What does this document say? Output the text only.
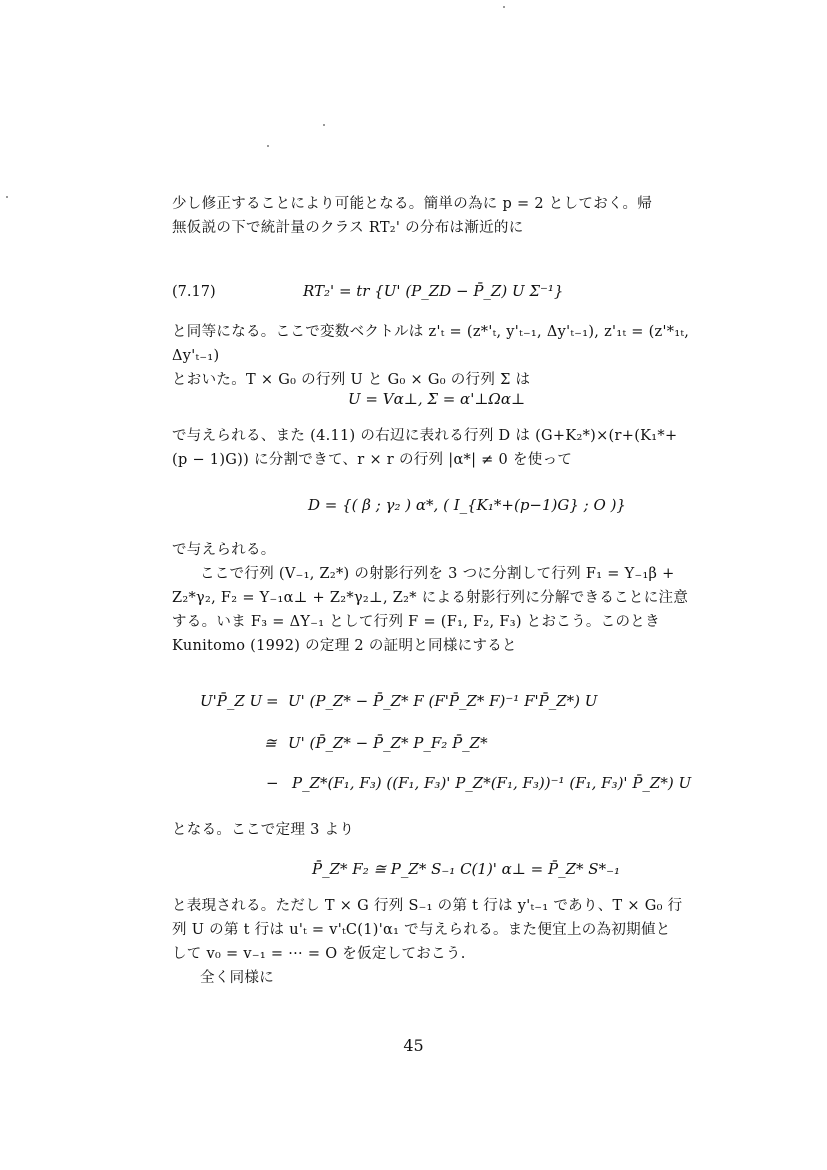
少し修正することにより可能となる。簡単の為に p = 2 としておく。帰
無仮説の下で統計量のクラス RT₂' の分布は漸近的に
(7.17)	RT₂' = tr {U' (P_ZD − P̄_Z) U Σ⁻¹}
と同等になる。ここで変数ベクトルは z'ₜ = (z*'ₜ, y'ₜ₋₁, Δy'ₜ₋₁), z'₁ₜ = (z'*₁ₜ, Δy'ₜ₋₁)
とおいた。T × G₀ の行列 U と G₀ × G₀ の行列 Σ は
U = Vα⊥, Σ = α'⊥Ωα⊥
で与えられる、また (4.11) の右辺に表れる行列 D は (G+K₂*)×(r+(K₁*+
(p − 1)G)) に分割できて、r × r の行列 |α*| ≠ 0 を使って
D = {( β ; γ₂ ) α*, ( I_{K₁*+(p−1)G} ; O )}
で与えられる。
ここで行列 (V₋₁, Z₂*) の射影行列を 3 つに分割して行列 F₁ = Y₋₁β +
Z₂*γ₂, F₂ = Y₋₁α⊥ + Z₂*γ₂⊥, Z₂* による射影行列に分解できることに注意
する。いま F₃ = ΔY₋₁ として行列 F = (F₁, F₂, F₃) とおこう。このとき
Kunitomo (1992) の定理 2 の証明と同様にすると
U'P̄_Z U = U' (P_Z* − P̄_Z* F (F'P̄_Z* F)⁻¹ F'P̄_Z*) U
≅ U' (P̄_Z* − P̄_Z* P_F₂ P̄_Z*
− P_Z*(F₁, F₃) ((F₁, F₃)' P_Z*(F₁, F₃))⁻¹ (F₁, F₃)' P̄_Z*) U
となる。ここで定理 3 より
P̄_Z* F₂ ≅ P_Z* S₋₁ C(1)' α⊥ = P̄_Z* S*₋₁
と表現される。ただし T × G 行列 S₋₁ の第 t 行は y'ₜ₋₁ であり、T × G₀ 行
列 U の第 t 行は u'ₜ = v'ₜC(1)'α₁ で与えられる。また便宜上の為初期値と
して v₀ = v₋₁ = ··· = O を仮定しておこう.
全く同様に
45
